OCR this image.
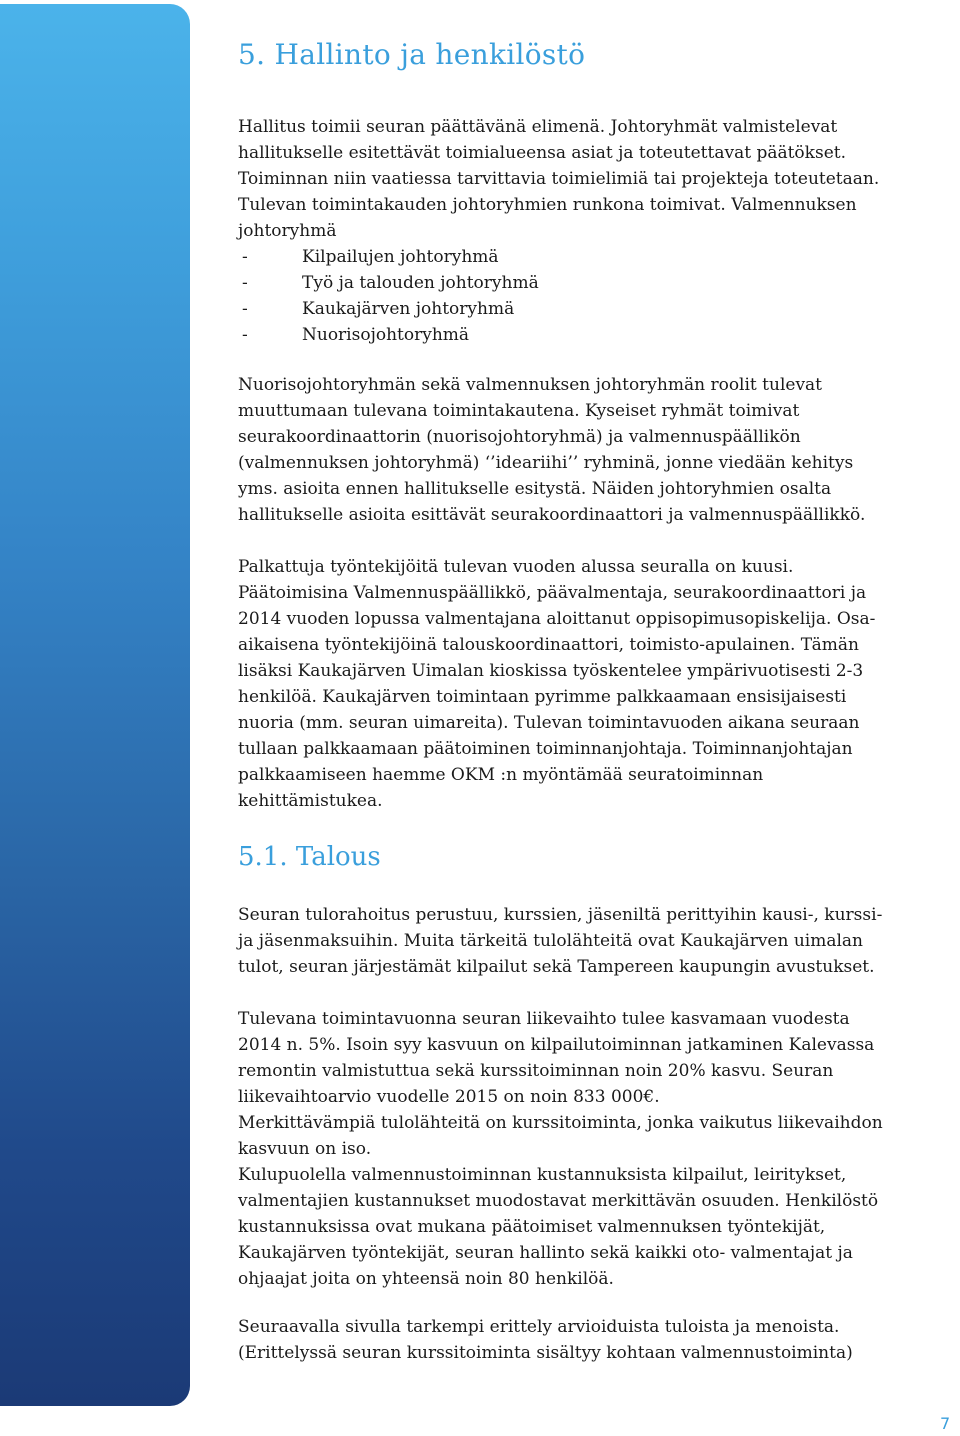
5. Hallinto ja henkilöstö
Hallitus toimii seuran päättävänä elimenä. Johtoryhmät valmistelevat
hallitukselle esitettävät toimialueensa asiat ja toteutettavat päätökset.
Toiminnan niin vaatiessa tarvittavia toimielimiä tai projekteja toteutetaan.
Tulevan toimintakauden johtoryhmien runkona toimivat. Valmennuksen
johtoryhmä
-	Kilpailujen johtoryhmä
-	Työ ja talouden johtoryhmä
-	Kaukajärven johtoryhmä
-	Nuorisojohtoryhmä
Nuorisojohtoryhmän sekä valmennuksen johtoryhmän roolit tulevat
muuttumaan tulevana toimintakautena. Kyseiset ryhmät toimivat
seurakoordinaattorin (nuorisojohtoryhmä) ja valmennuspäällikön
(valmennuksen johtoryhmä) ‘’ideariihi’’ ryhminä, jonne viedään kehitys
yms. asioita ennen hallitukselle esitystä. Näiden johtoryhmien osalta
hallitukselle asioita esittävät seurakoordinaattori ja valmennuspäällikkö.
Palkattuja työntekijöitä tulevan vuoden alussa seuralla on kuusi.
Päätoimisina Valmennuspäällikkö, päävalmentaja, seurakoordinaattori ja
2014 vuoden lopussa valmentajana aloittanut oppisopimusopiskelija. Osa-
aikaisena työntekijöinä talouskoordinaattori, toimisto-apulainen. Tämän
lisäksi Kaukajärven Uimalan kioskissa työskentelee ympärivuotisesti 2-3
henkilöä. Kaukajärven toimintaan pyrimme palkkaamaan ensisijaisesti
nuoria (mm. seuran uimareita). Tulevan toimintavuoden aikana seuraan
tullaan palkkaamaan päätoiminen toiminnanjohtaja. Toiminnanjohtajan
palkkaamiseen haemme OKM :n myöntämää seuratoiminnan
kehittämistukea.
5.1. Talous
Seuran tulorahoitus perustuu, kurssien, jäseniltä perittyihin kausi-, kurssi-
ja jäsenmaksuihin. Muita tärkeitä tulolähteitä ovat Kaukajärven uimalan
tulot, seuran järjestämät kilpailut sekä Tampereen kaupungin avustukset.
Tulevana toimintavuonna seuran liikevaihto tulee kasvamaan vuodesta
2014 n. 5%. Isoin syy kasvuun on kilpailutoiminnan jatkaminen Kalevassa
remontin valmistuttua sekä kurssitoiminnan noin 20% kasvu. Seuran
liikevaihtoarvio vuodelle 2015 on noin 833 000€.
Merkittävämpiä tulolähteitä on kurssitoiminta, jonka vaikutus liikevaihdon
kasvuun on iso.
Kulupuolella valmennustoiminnan kustannuksista kilpailut, leiritykset,
valmentajien kustannukset muodostavat merkittävän osuuden. Henkilöstö
kustannuksissa ovat mukana päätoimiset valmennuksen työntekijät,
Kaukajärven työntekijät, seuran hallinto sekä kaikki oto- valmentajat ja
ohjaajat joita on yhteensä noin 80 henkilöä.
Seuraavalla sivulla tarkempi erittely arvioiduista tuloista ja menoista.
(Erittelyssä seuran kurssitoiminta sisältyy kohtaan valmennustoiminta)
7
